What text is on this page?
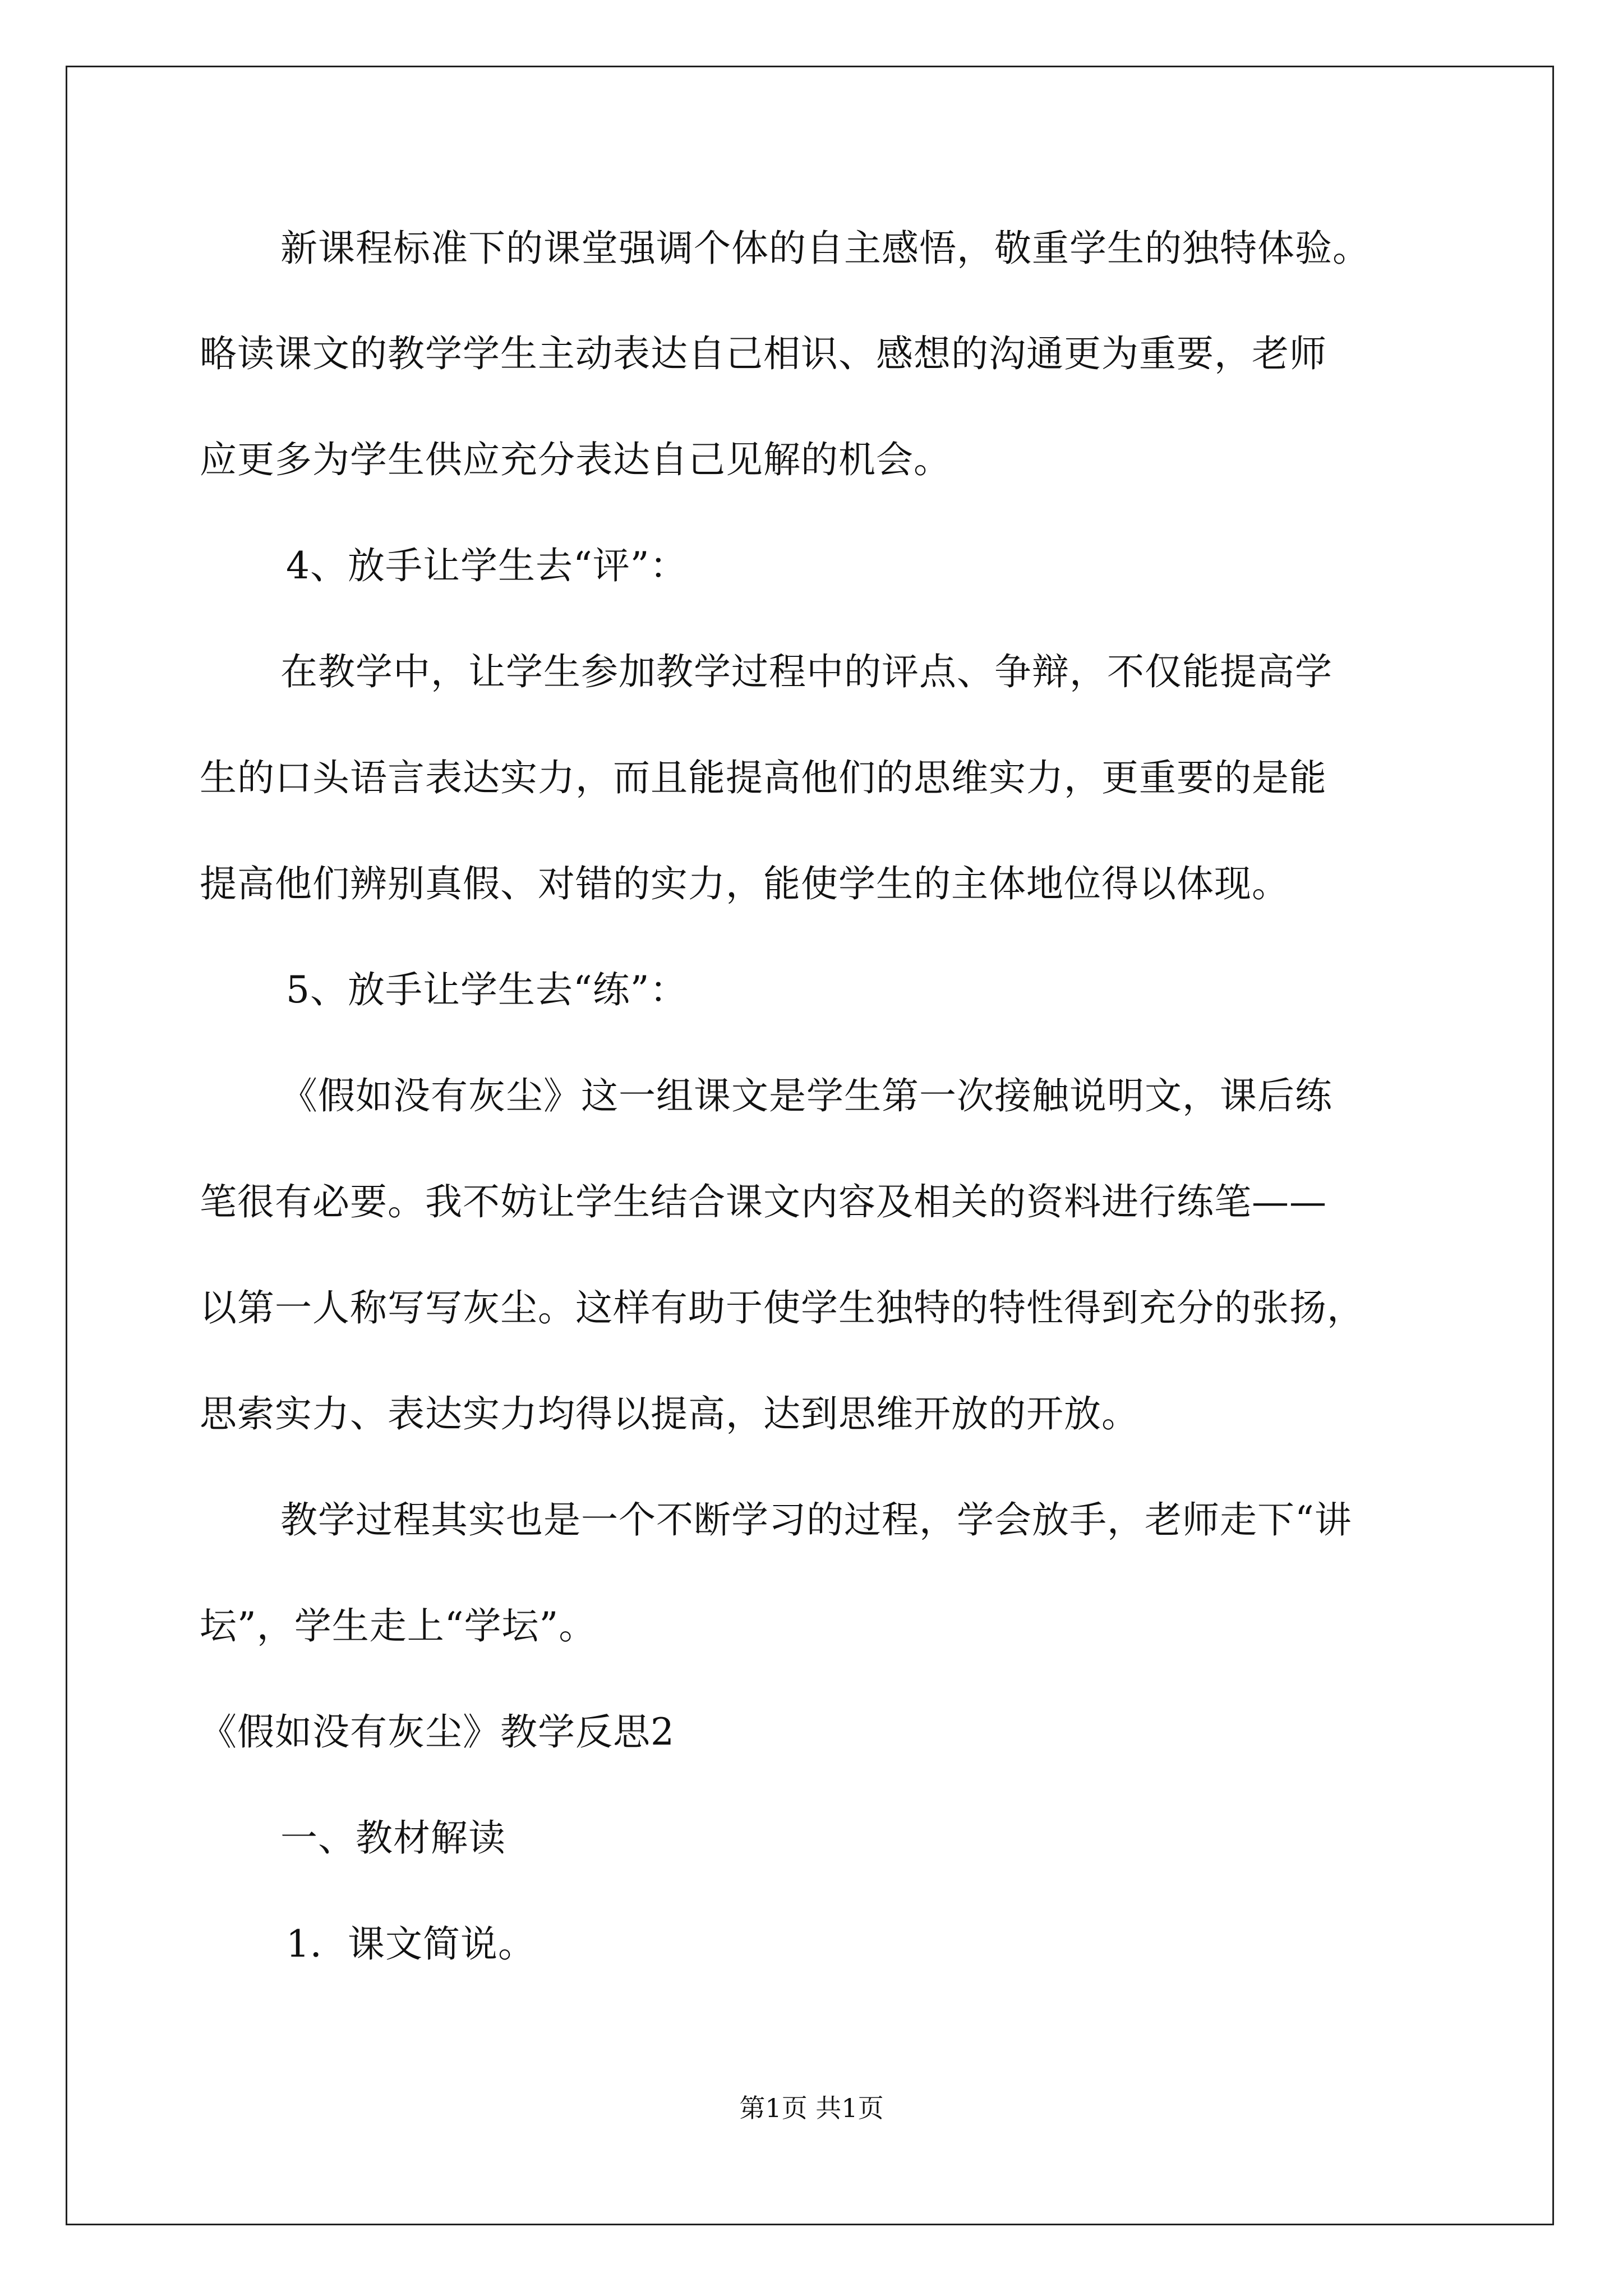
新课程标准下的课堂强调个体的自主感悟，敬重学生的独特体验。
略读课文的教学学生主动表达自己相识、感想的沟通更为重要，老师
应更多为学生供应充分表达自己见解的机会。
4、放手让学生去“评”：
在教学中，让学生参加教学过程中的评点、争辩，不仅能提高学
生的口头语言表达实力，而且能提高他们的思维实力，更重要的是能
提高他们辨别真假、对错的实力，能使学生的主体地位得以体现。
5、放手让学生去“练”：
《假如没有灰尘》这一组课文是学生第一次接触说明文，课后练
笔很有必要。我不妨让学生结合课文内容及相关的资料进行练笔——
以第一人称写写灰尘。这样有助于使学生独特的特性得到充分的张扬，
思索实力、表达实力均得以提高，达到思维开放的开放。
教学过程其实也是一个不断学习的过程，学会放手，老师走下“讲
坛”，学生走上“学坛”。
《假如没有灰尘》教学反思2
一、教材解读
1．课文简说。
第1页 共1页
